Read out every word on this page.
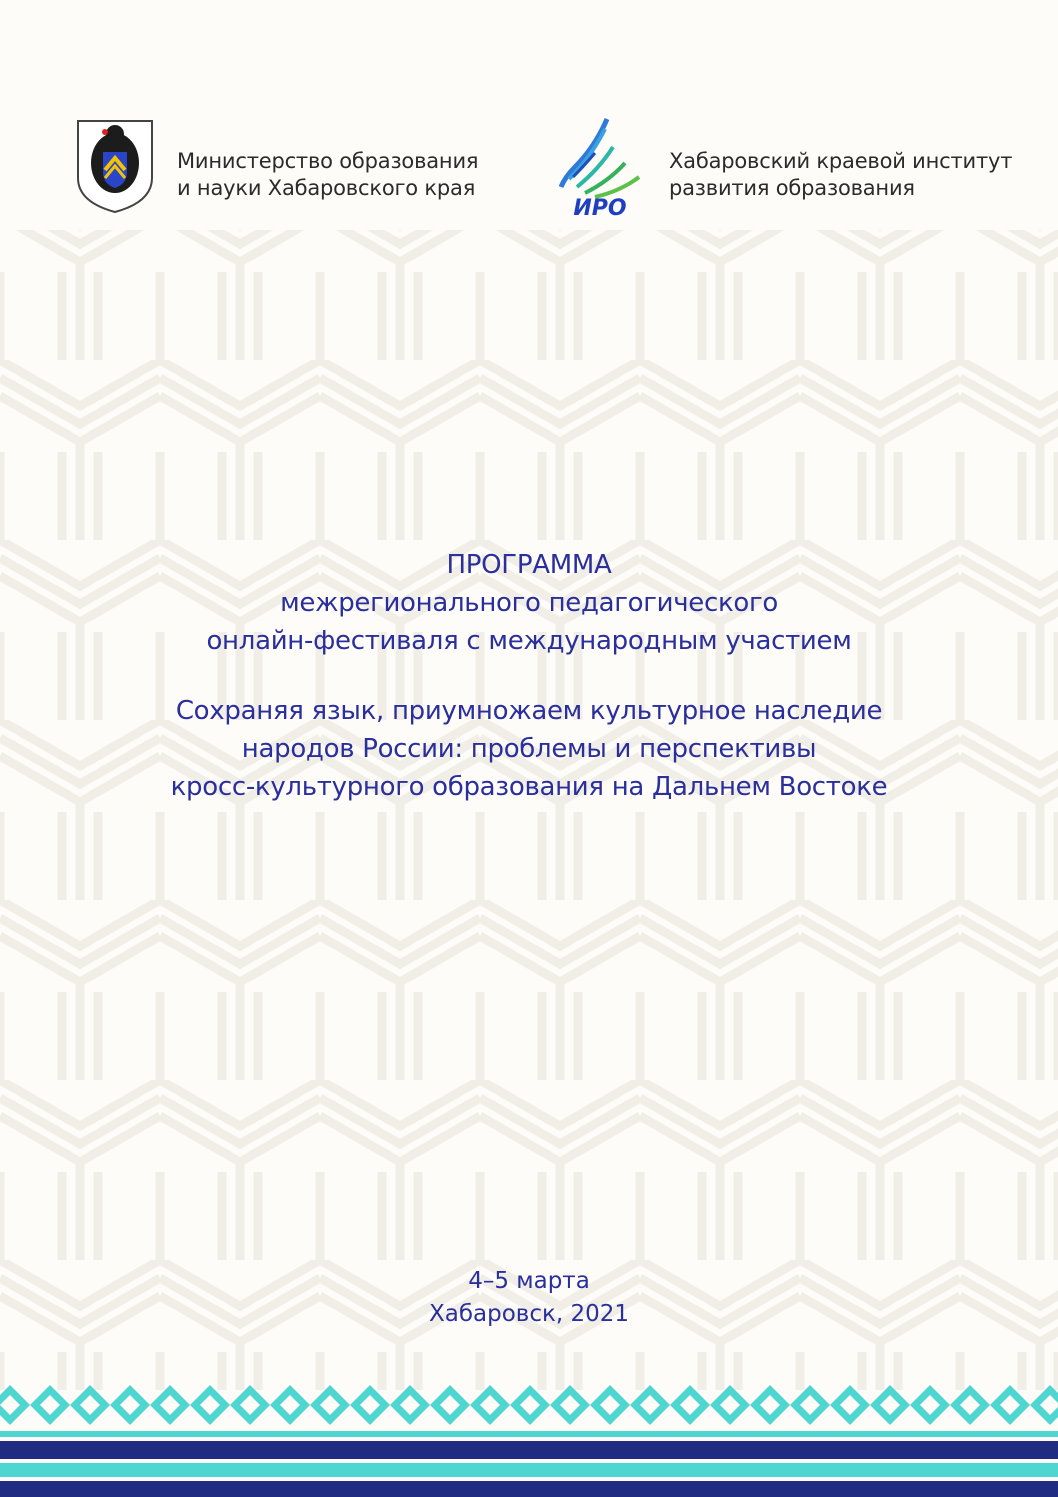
Министерство образования
и науки Хабаровского края
ИРО
Хабаровский краевой институт
развития образования
ПРОГРАММА
межрегионального педагогического
онлайн-фестиваля с международным участием
Сохраняя язык, приумножаем культурное наследие
народов России: проблемы и перспективы
кросс-культурного образования на Дальнем Востоке
4–5 марта
Хабаровск, 2021
